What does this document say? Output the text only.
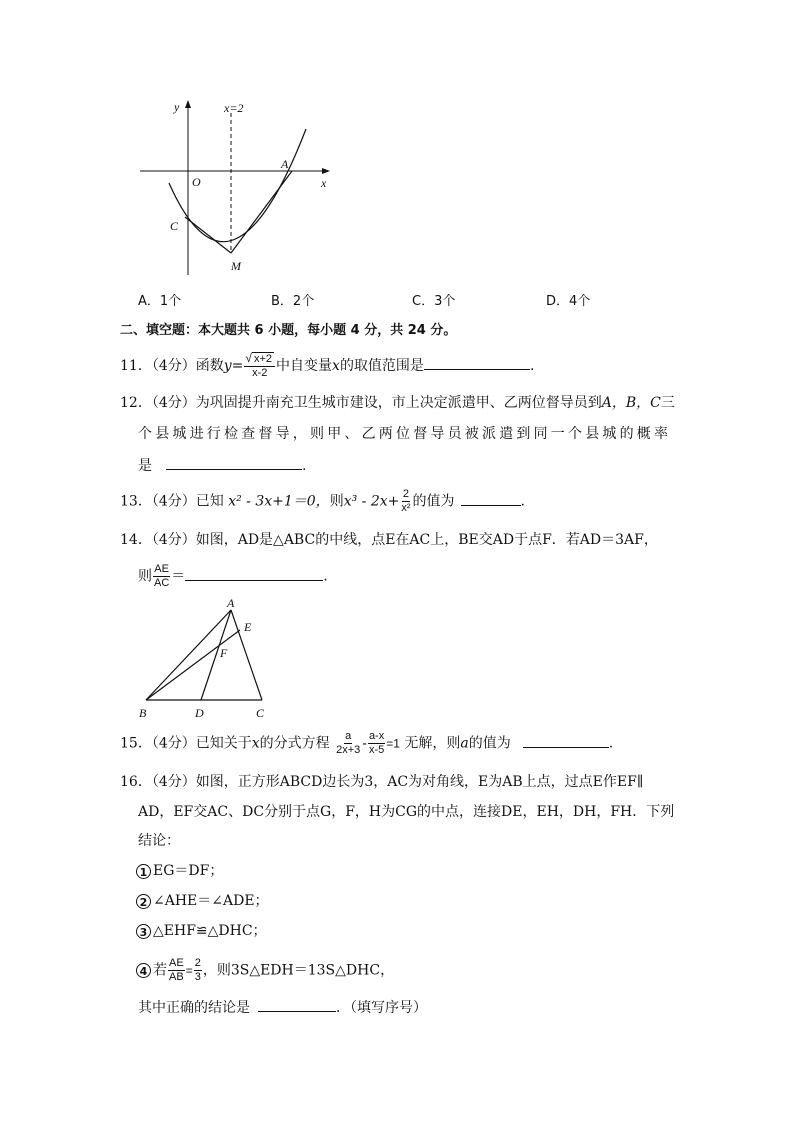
y	x=2
A
O	x
C
M
A．1个	B．2个	C．3个	D．4个
二、填空题：本大题共 6 小题，每小题 4 分，共 24 分。
11．（4分）函数$y= \frac{√ x+2}{x-2}$ 中自变量x的取值范围是	.
12．（4分）为巩固提升南充卫生城市建设，市上决定派遣甲、乙两位督导员到A，B，C三
个县城进行检查督导，则甲、乙两位督导员被派遣到同一个县城的概率
是	.
13．（4分）已知 x² - 3x+1＝0，则$x^3 - 2x+ \frac{2}{\text{x²}}$ 的值为	.
14．（4分）如图，AD是△ABC的中线，点E在AC上，BE交AD于点F．若AD＝3AF，
则 $\frac{AE}{AC}$ ＝	.
A
E
F
B	D	C
15．（4分）已知关于x的分式方程 $\frac{a}{2x+3} - \frac{a-x}{x-5} =1$ 无解，则a的值为	.
16．（4分）如图，正方形ABCD边长为3，AC为对角线，E为AB上点，过点E作EF∥
AD，EF交AC、DC分别于点G，F，H为CG的中点，连接DE，EH，DH，FH．下列
结论：
1 EG＝DF；
2 ∠AHE＝∠ADE；
3 △EHF≌△DHC；
4 若 $\frac{AE}{AB} = \frac{2}{3}$ ，则3S△EDH＝13S△DHC，
其中正确的结论是	．（填写序号）
